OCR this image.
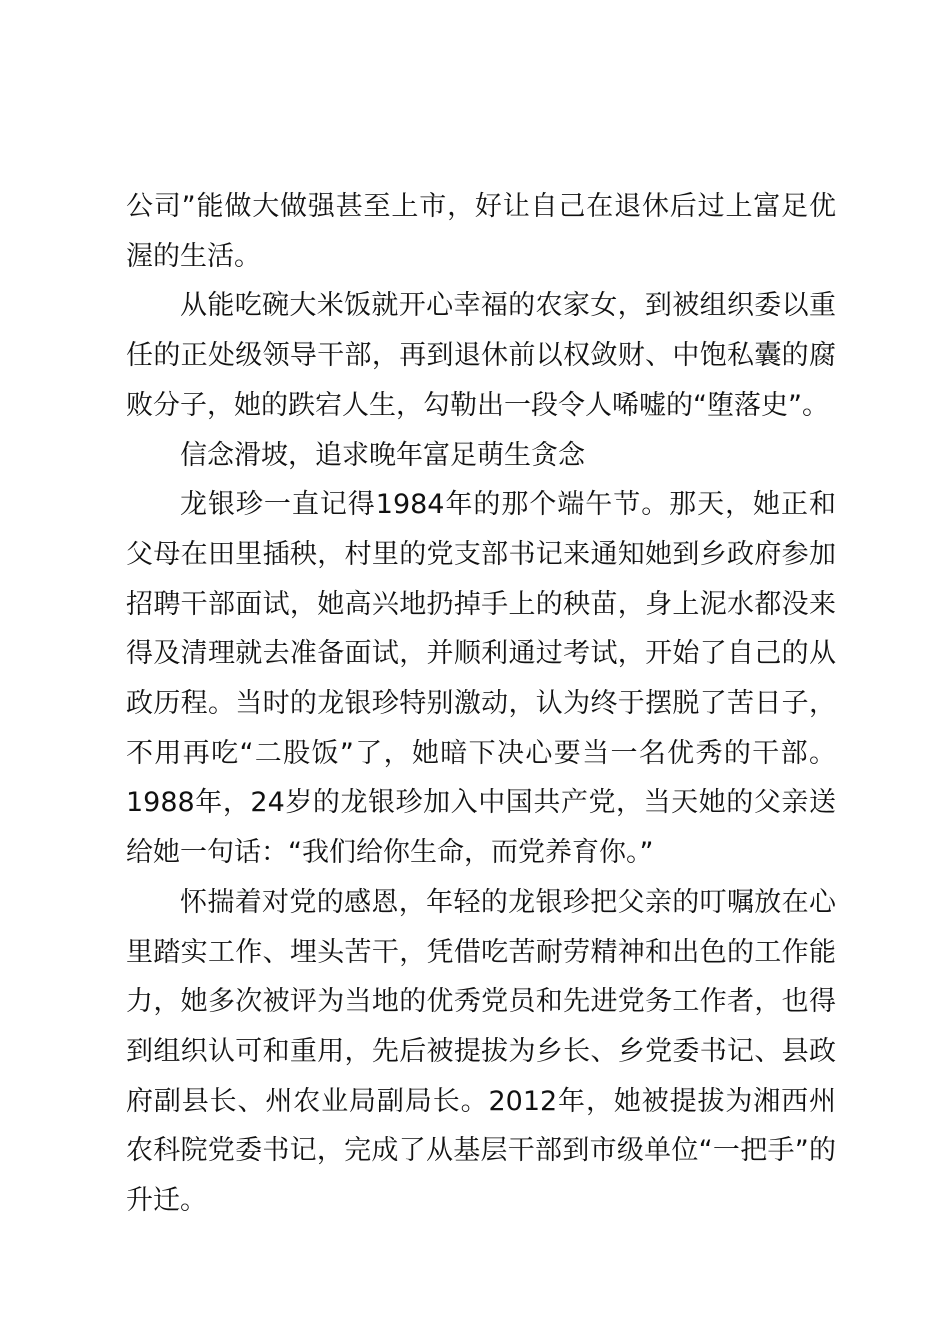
公司”能做大做强甚至上市，好让自己在退休后过上富足优渥的生活。

从能吃碗大米饭就开心幸福的农家女，到被组织委以重任的正处级领导干部，再到退休前以权敛财、中饱私囊的腐败分子，她的跌宕人生，勾勒出一段令人唏嘘的“堕落史”。

信念滑坡，追求晚年富足萌生贪念

龙银珍一直记得1984年的那个端午节。那天，她正和父母在田里插秧，村里的党支部书记来通知她到乡政府参加招聘干部面试，她高兴地扔掉手上的秧苗，身上泥水都没来得及清理就去准备面试，并顺利通过考试，开始了自己的从政历程。当时的龙银珍特别激动，认为终于摆脱了苦日子，不用再吃“二股饭”了，她暗下决心要当一名优秀的干部。1988年，24岁的龙银珍加入中国共产党，当天她的父亲送给她一句话：“我们给你生命，而党养育你。”

怀揣着对党的感恩，年轻的龙银珍把父亲的叮嘱放在心里踏实工作、埋头苦干，凭借吃苦耐劳精神和出色的工作能力，她多次被评为当地的优秀党员和先进党务工作者，也得到组织认可和重用，先后被提拔为乡长、乡党委书记、县政府副县长、州农业局副局长。2012年，她被提拔为湘西州农科院党委书记，完成了从基层干部到市级单位“一把手”的升迁。
